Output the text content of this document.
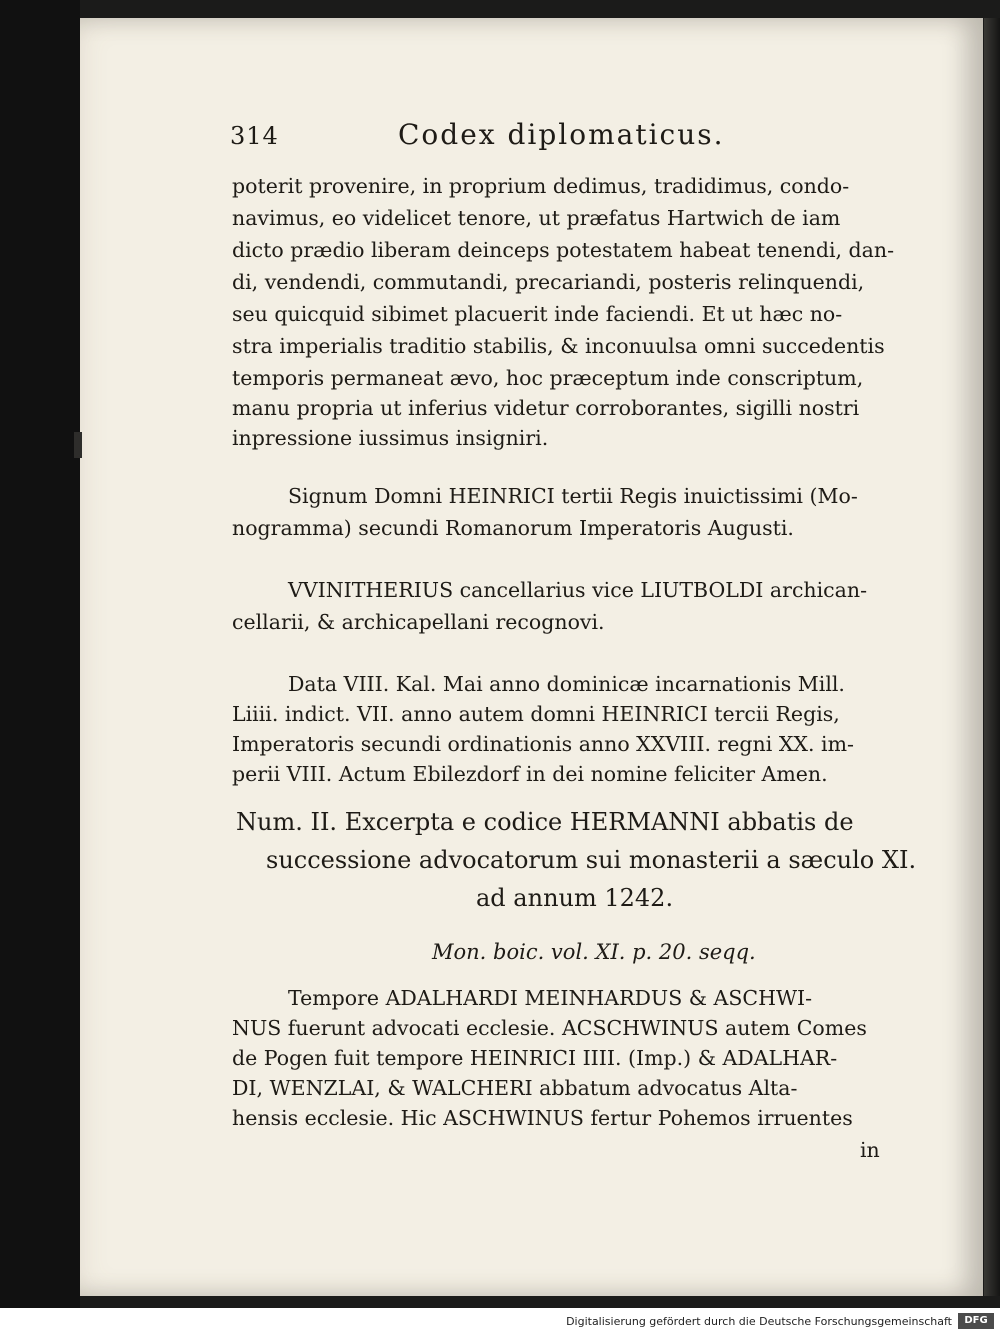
314	Codex diplomaticus.
poterit provenire, in proprium dedimus, tradidimus, condo-
navimus, eo videlicet tenore, ut præfatus Hartwich de iam
dicto prædio liberam deinceps potestatem habeat tenendi, dan-
di, vendendi, commutandi, precariandi, posteris relinquendi,
seu quicquid sibimet placuerit inde faciendi. Et ut hæc no-
stra imperialis traditio stabilis, & inconuulsa omni succedentis
temporis permaneat ævo, hoc præceptum inde conscriptum,
manu propria ut inferius videtur corroborantes, sigilli nostri
inpressione iussimus insigniri.
Signum Domni HEINRICI tertii Regis inuictissimi (Mo-
nogramma) secundi Romanorum Imperatoris Augusti.
VVINITHERIUS cancellarius vice LIUTBOLDI archican-
cellarii, & archicapellani recognovi.
Data VIII. Kal. Mai anno dominicæ incarnationis Mill.
Liiii. indict. VII. anno autem domni HEINRICI tercii Regis,
Imperatoris secundi ordinationis anno XXVIII. regni XX. im-
perii VIII. Actum Ebilezdorf in dei nomine feliciter Amen.
Num. II. Excerpta e codice HERMANNI abbatis de
successione advocatorum sui monasterii a sæculo XI.
ad annum 1242.
Mon. boic. vol. XI. p. 20. seqq.
Tempore ADALHARDI MEINHARDUS & ASCHWI-
NUS fuerunt advocati ecclesie. ACSCHWINUS autem Comes
de Pogen fuit tempore HEINRICI IIII. (Imp.) & ADALHAR-
DI, WENZLAI, & WALCHERI abbatum advocatus Alta-
hensis ecclesie. Hic ASCHWINUS fertur Pohemos irruentes
in
Digitalisierung gefördert durch die Deutsche Forschungsgemeinschaft	DFG
